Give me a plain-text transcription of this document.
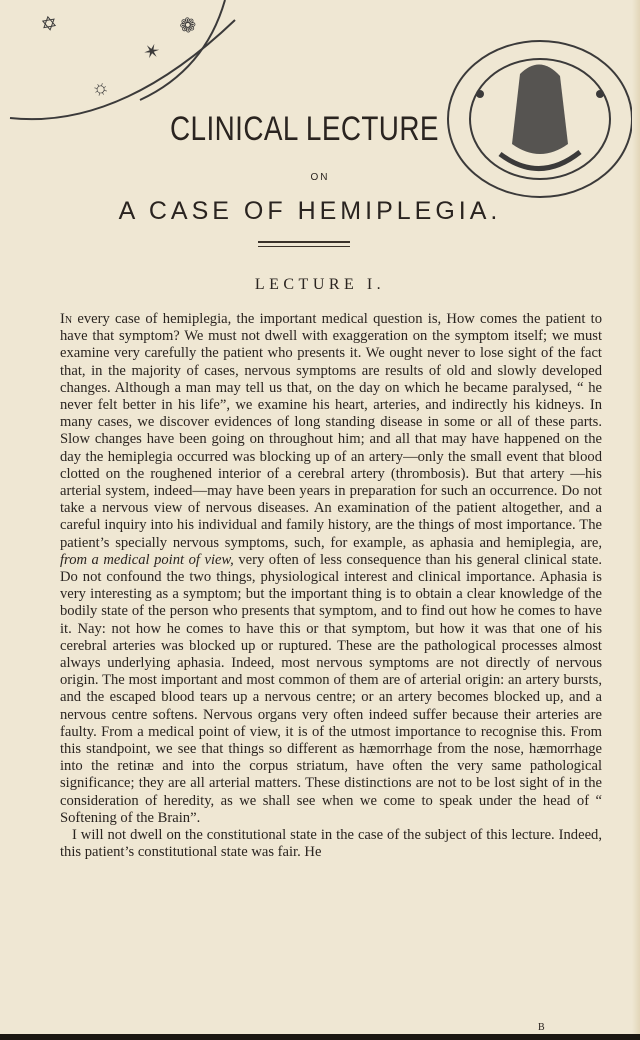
✡
☼
✶
❁
CLINICAL LECTURE
ON
A CASE OF HEMIPLEGIA.
LECTURE I.

In every case of hemiplegia, the important medical question is, How comes the patient to have that symptom? We must not dwell with exaggeration on the symptom itself; we must examine very carefully the patient who presents it. We ought never to lose sight of the fact that, in the majority of cases, nervous symptoms are results of old and slowly developed changes. Although a man may tell us that, on the day on which he became paralysed, “ he never felt better in his life”, we examine his heart, arteries, and indirectly his kidneys. In many cases, we discover evidences of long standing disease in some or all of these parts. Slow changes have been going on throughout him; and all that may have happened on the day the hemiplegia occurred was blocking up of an artery—only the small event that blood clotted on the roughened interior of a cerebral artery (thrombosis). But that artery —his arterial system, indeed—may have been years in preparation for such an occurrence. Do not take a nervous view of nervous diseases. An examination of the patient altogether, and a careful inquiry into his individual and family history, are the things of most importance. The patient’s specially nervous symptoms, such, for example, as aphasia and hemiplegia, are, from a medical point of view, very often of less consequence than his general clinical state. Do not confound the two things, physiological interest and clinical importance. Aphasia is very interesting as a symptom; but the important thing is to obtain a clear knowledge of the bodily state of the person who presents that symptom, and to find out how he comes to have it. Nay: not how he comes to have this or that symptom, but how it was that one of his cerebral arteries was blocked up or ruptured. These are the pathological processes almost always underlying aphasia. Indeed, most nervous symptoms are not directly of nervous origin. The most important and most common of them are of arterial origin: an artery bursts, and the escaped blood tears up a nervous centre; or an artery becomes blocked up, and a nervous centre softens. Nervous organs very often indeed suffer because their arteries are faulty. From a medical point of view, it is of the utmost importance to recognise this. From this standpoint, we see that things so different as hæmorrhage from the nose, hæmorrhage into the retinæ and into the corpus striatum, have often the very same pathological significance; they are all arterial matters. These distinctions are not to be lost sight of in the consideration of heredity, as we shall see when we come to speak under the head of “ Softening of the Brain”.

I will not dwell on the constitutional state in the case of the subject of this lecture. Indeed, this patient’s constitutional state was fair. He

B
